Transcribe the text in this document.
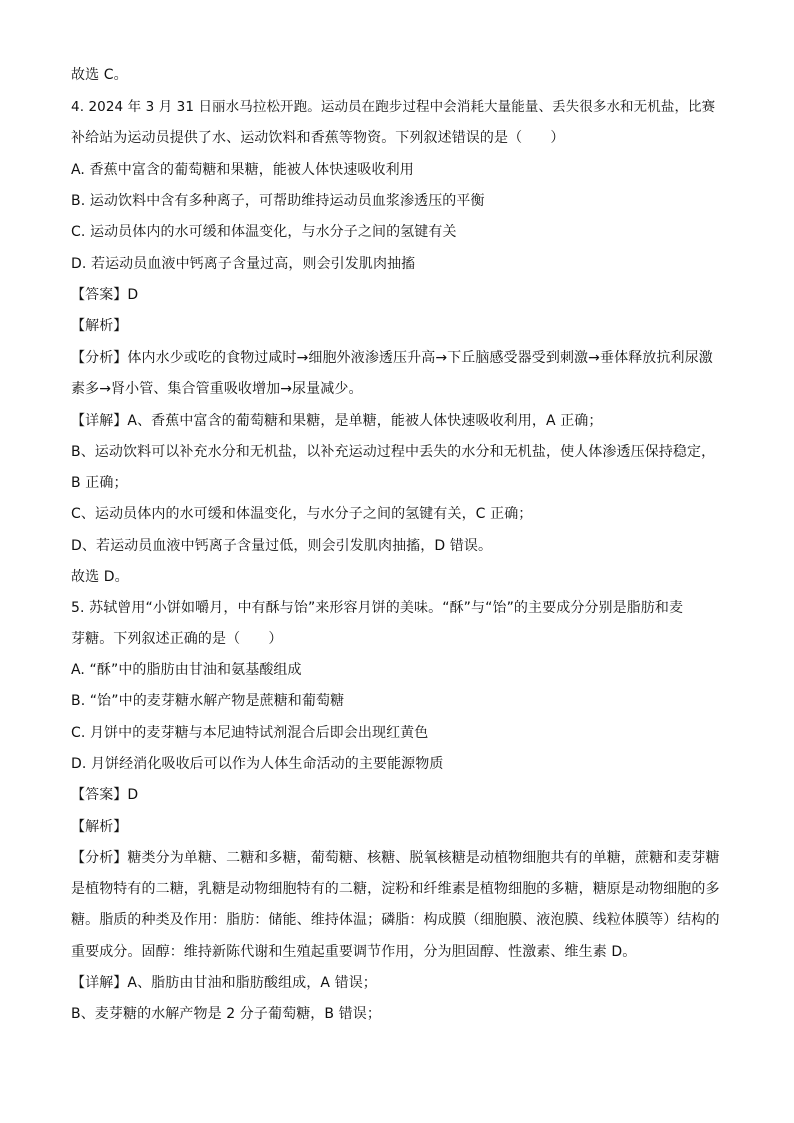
故选 C。
4. 2024 年 3 月 31 日丽水马拉松开跑。运动员在跑步过程中会消耗大量能量、丢失很多水和无机盐，比赛
补给站为运动员提供了水、运动饮料和香蕉等物资。下列叙述错误的是（　　）
A. 香蕉中富含的葡萄糖和果糖，能被人体快速吸收利用
B. 运动饮料中含有多种离子，可帮助维持运动员血浆渗透压的平衡
C. 运动员体内的水可缓和体温变化，与水分子之间的氢键有关
D. 若运动员血液中钙离子含量过高，则会引发肌肉抽搐
【答案】D
【解析】
【分析】体内水少或吃的食物过咸时→细胞外液渗透压升高→下丘脑感受器受到刺激→垂体释放抗利尿激
素多→肾小管、集合管重吸收增加→尿量减少。
【详解】A、香蕉中富含的葡萄糖和果糖，是单糖，能被人体快速吸收利用，A 正确；
B、运动饮料可以补充水分和无机盐，以补充运动过程中丢失的水分和无机盐，使人体渗透压保持稳定，
B 正确；
C、运动员体内的水可缓和体温变化，与水分子之间的氢键有关，C 正确；
D、若运动员血液中钙离子含量过低，则会引发肌肉抽搐，D 错误。
故选 D。
5. 苏轼曾用“小饼如嚼月，中有酥与饴”来形容月饼的美味。“酥”与“饴”的主要成分分别是脂肪和麦
芽糖。下列叙述正确的是（　　）
A. “酥”中的脂肪由甘油和氨基酸组成
B. “饴”中的麦芽糖水解产物是蔗糖和葡萄糖
C. 月饼中的麦芽糖与本尼迪特试剂混合后即会出现红黄色
D. 月饼经消化吸收后可以作为人体生命活动的主要能源物质
【答案】D
【解析】
【分析】糖类分为单糖、二糖和多糖，葡萄糖、核糖、脱氧核糖是动植物细胞共有的单糖，蔗糖和麦芽糖
是植物特有的二糖，乳糖是动物细胞特有的二糖，淀粉和纤维素是植物细胞的多糖，糖原是动物细胞的多
糖。脂质的种类及作用：脂肪：储能、维持体温；磷脂：构成膜（细胞膜、液泡膜、线粒体膜等）结构的
重要成分。固醇：维持新陈代谢和生殖起重要调节作用，分为胆固醇、性激素、维生素 D。
【详解】A、脂肪由甘油和脂肪酸组成，A 错误；
B、麦芽糖的水解产物是 2 分子葡萄糖，B 错误；
